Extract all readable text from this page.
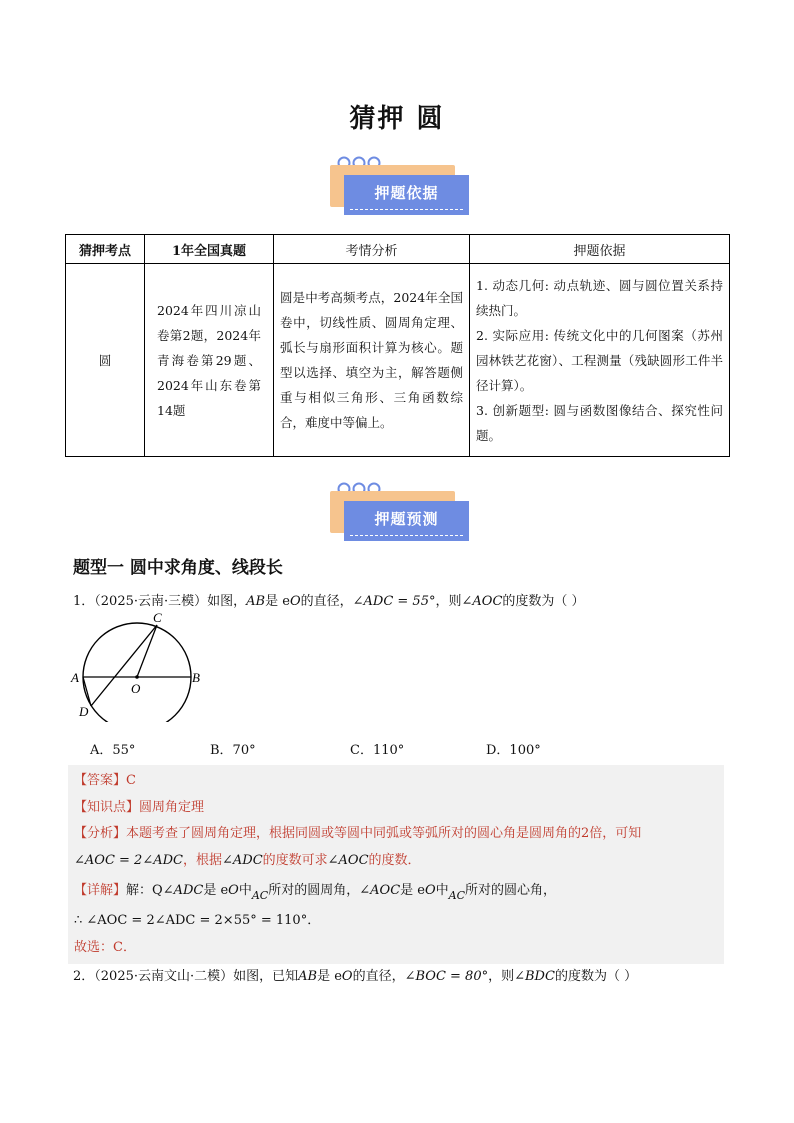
猜押 圆
押题依据
猜押考点	1年全国真题	考情分析	押题依据
圆	2024年四川凉山卷第2题，2024年青海卷第29题、2024年山东卷第14题	圆是中考高频考点，2024年全国卷中，切线性质、圆周角定理、弧长与扇形面积计算为核心。题型以选择、填空为主，解答题侧重与相似三角形、三角函数综合，难度中等偏上。	1. 动态几何: 动点轨迹、圆与圆位置关系持续热门。
2. 实际应用: 传统文化中的几何图案（苏州园林铁艺花窗）、工程测量（残缺圆形工件半径计算）。
3. 创新题型: 圆与函数图像结合、探究性问题。
押题预测
题型一 圆中求角度、线段长
1．（2025·云南·三模）如图，AB是 eO的直径，∠ADC = 55°，则∠AOC的度数为（ ）
C
A	B
O
D
A．55°	B．70°	C．110°	D．100°
【答案】C
【知识点】圆周角定理
【分析】本题考查了圆周角定理，根据同圆或等圆中同弧或等弧所对的圆心角是圆周角的2倍，可知
∠AOC = 2∠ADC，根据∠ADC的度数可求∠AOC的度数．
【详解】解：Q∠ADC是 eO中$_{AC}$所对的圆周角，∠AOC是 eO中$_{AC}$所对的圆心角，
∴ ∠AOC = 2∠ADC = 2×55° = 110°．
故选：C．
2．（2025·云南文山·二模）如图，已知AB是 eO的直径，∠BOC = 80°，则∠BDC的度数为（ ）
